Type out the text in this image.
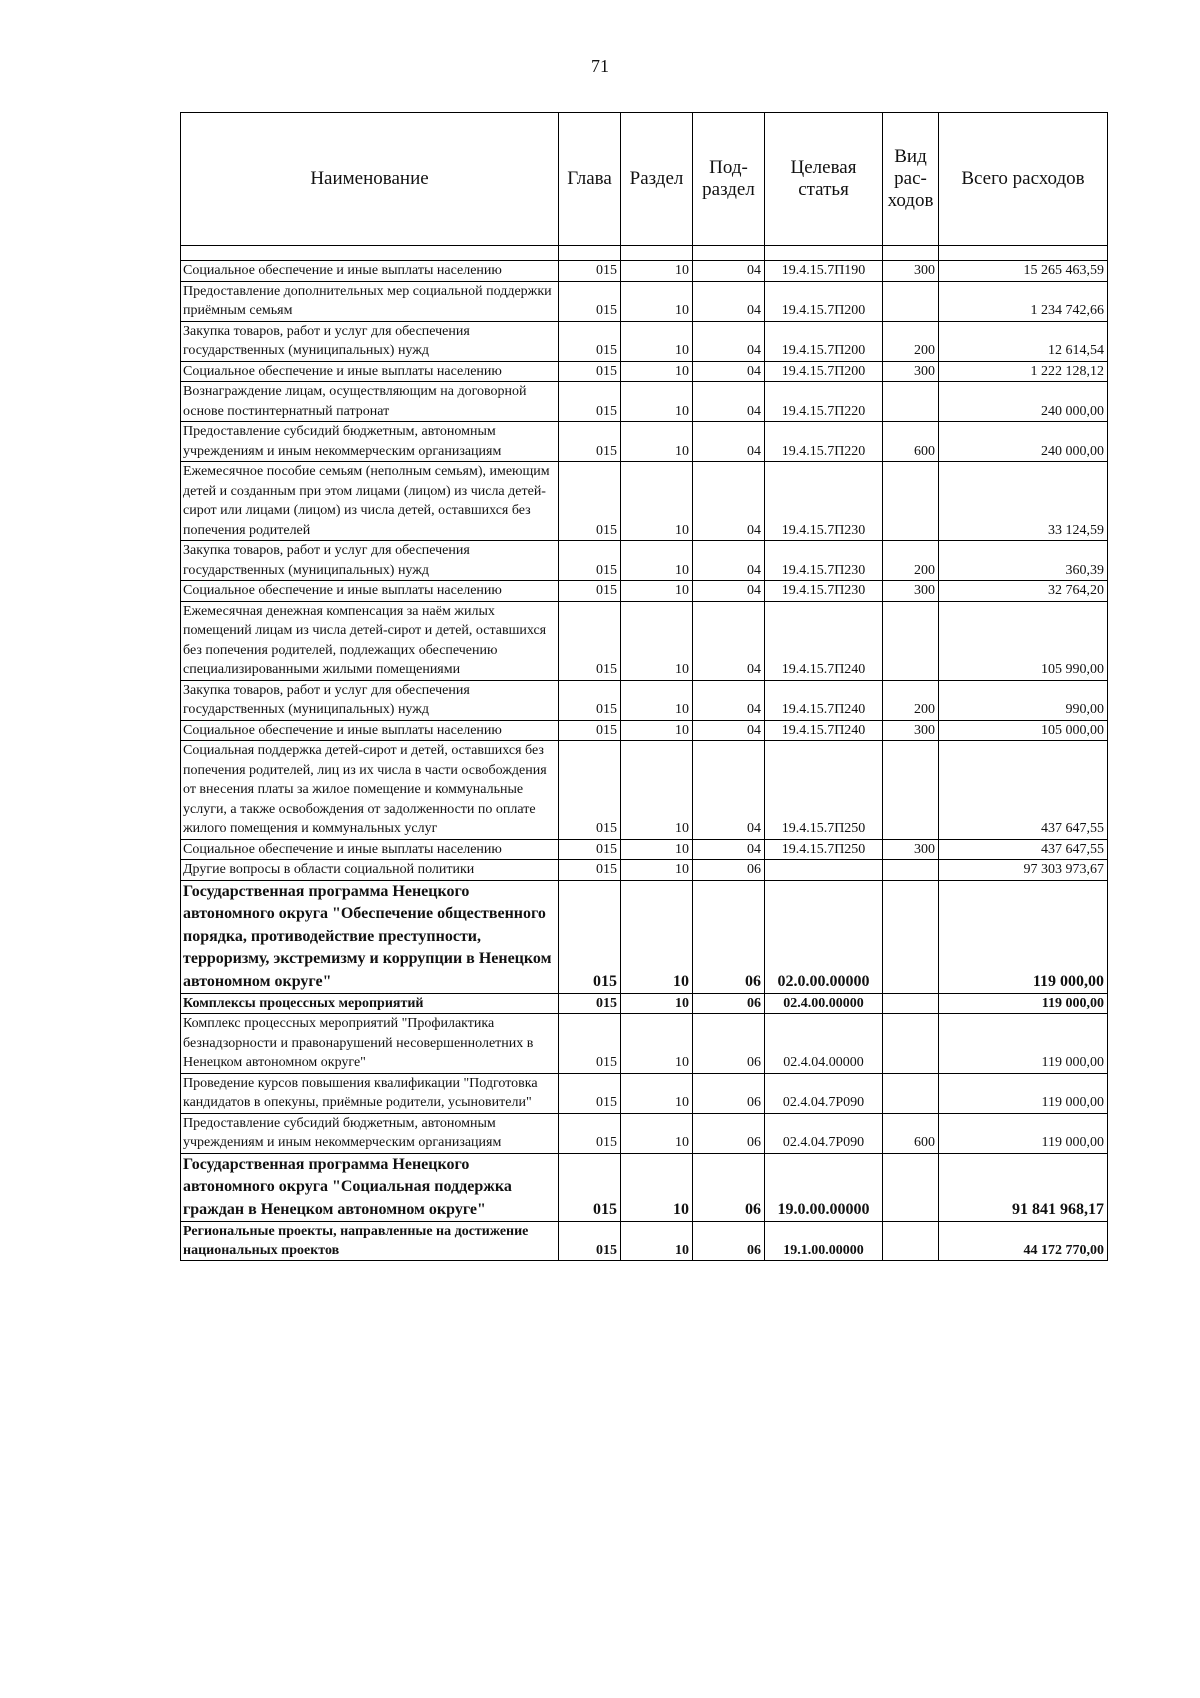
71
Наименование	Глава	Раздел	Под-раздел	Целевая статья	Вид рас-ходов	Всего расходов

Социальное обеспечение и иные выплаты населению	015	10	04	19.4.15.7П190	300	15 265 463,59
Предоставление дополнительных мер социальной поддержки приёмным семьям	015	10	04	19.4.15.7П200		1 234 742,66
Закупка товаров, работ и услуг для обеспечения государственных (муниципальных) нужд	015	10	04	19.4.15.7П200	200	12 614,54
Социальное обеспечение и иные выплаты населению	015	10	04	19.4.15.7П200	300	1 222 128,12
Вознаграждение лицам, осуществляющим на договорной основе постинтернатный патронат	015	10	04	19.4.15.7П220		240 000,00
Предоставление субсидий бюджетным, автономным учреждениям и иным некоммерческим организациям	015	10	04	19.4.15.7П220	600	240 000,00
Ежемесячное пособие семьям (неполным семьям), имеющим детей и созданным при этом лицами (лицом) из числа детей-сирот или лицами (лицом) из числа детей, оставшихся без попечения родителей	015	10	04	19.4.15.7П230		33 124,59
Закупка товаров, работ и услуг для обеспечения государственных (муниципальных) нужд	015	10	04	19.4.15.7П230	200	360,39
Социальное обеспечение и иные выплаты населению	015	10	04	19.4.15.7П230	300	32 764,20
Ежемесячная денежная компенсация за наём жилых помещений лицам из числа детей-сирот и детей, оставшихся без попечения родителей, подлежащих обеспечению специализированными жилыми помещениями	015	10	04	19.4.15.7П240		105 990,00
Закупка товаров, работ и услуг для обеспечения государственных (муниципальных) нужд	015	10	04	19.4.15.7П240	200	990,00
Социальное обеспечение и иные выплаты населению	015	10	04	19.4.15.7П240	300	105 000,00
Социальная поддержка детей-сирот и детей, оставшихся без попечения родителей, лиц из их числа в части освобождения от внесения платы за жилое помещение и коммунальные услуги, а также освобождения от задолженности по оплате жилого помещения и коммунальных услуг	015	10	04	19.4.15.7П250		437 647,55
Социальное обеспечение и иные выплаты населению	015	10	04	19.4.15.7П250	300	437 647,55
Другие вопросы в области социальной политики	015	10	06			97 303 973,67
Государственная программа Ненецкого автономного округа "Обеспечение общественного порядка, противодействие преступности, терроризму, экстремизму и коррупции в Ненецком автономном округе"	015	10	06	02.0.00.00000		119 000,00
Комплексы процессных мероприятий	015	10	06	02.4.00.00000		119 000,00
Комплекс процессных мероприятий "Профилактика безнадзорности и правонарушений несовершеннолетних в Ненецком автономном округе"	015	10	06	02.4.04.00000		119 000,00
Проведение курсов повышения квалификации "Подготовка кандидатов в опекуны, приёмные родители, усыновители"	015	10	06	02.4.04.7Р090		119 000,00
Предоставление субсидий бюджетным, автономным учреждениям и иным некоммерческим организациям	015	10	06	02.4.04.7Р090	600	119 000,00
Государственная программа Ненецкого автономного округа "Социальная поддержка граждан в Ненецком автономном округе"	015	10	06	19.0.00.00000		91 841 968,17
Региональные проекты, направленные на достижение национальных проектов	015	10	06	19.1.00.00000		44 172 770,00
